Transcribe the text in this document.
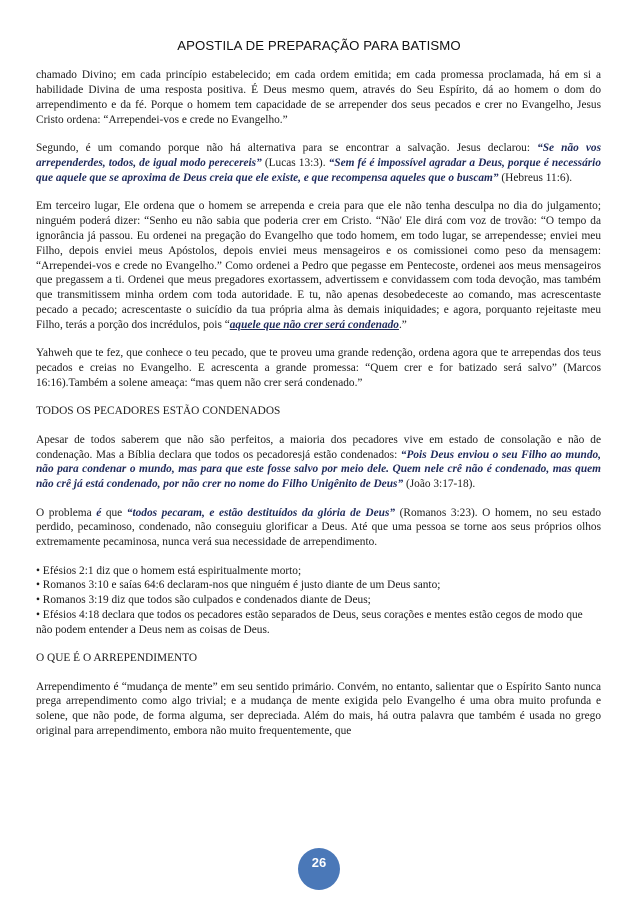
APOSTILA DE PREPARAÇÃO PARA BATISMO

chamado Divino; em cada princípio estabelecido; em cada ordem emitida; em cada promessa proclamada, há em si a habilidade Divina de uma resposta positiva. É Deus mesmo quem, através do Seu Espírito, dá ao homem o dom do arrependimento e da fé. Porque o homem tem capacidade de se arrepender dos seus pecados e crer no Evangelho, Jesus Cristo ordena: “Arrependei-vos e crede no Evangelho.”

Segundo, é um comando porque não há alternativa para se encontrar a salvação. Jesus declarou: “Se não vos arrependerdes, todos, de igual modo perecereis” (Lucas 13:3). “Sem fé é impossível agradar a Deus, porque é necessário que aquele que se aproxima de Deus creia que ele existe, e que recompensa aqueles que o buscam” (Hebreus 11:6).

Em terceiro lugar, Ele ordena que o homem se arrependa e creia para que ele não tenha desculpa no dia do julgamento; ninguém poderá dizer: “Senho eu não sabia que poderia crer em Cristo. “Não' Ele dirá com voz de trovão: “O tempo da ignorância já passou. Eu ordenei na pregação do Evangelho que todo homem, em todo lugar, se arrependesse; enviei meu Filho, depois enviei meus Apóstolos, depois enviei meus mensageiros e os comissionei como peso da mensagem: “Arrependei-vos e crede no Evangelho.” Como ordenei a Pedro que pegasse em Pentecoste, ordenei aos meus mensageiros que pregassem a ti. Ordenei que meus pregadores exortassem, advertissem e convidassem com toda devoção, mas também que transmitissem minha ordem com toda autoridade. E tu, não apenas desobedeceste ao comando, mas acrescentaste pecado a pecado; acrescentaste o suicídio da tua própria alma às demais iniquidades; e agora, porquanto rejeitaste meu Filho, terás a porção dos incrédulos, pois “aquele que não crer será condenado.”

Yahweh que te fez, que conhece o teu pecado, que te proveu uma grande redenção, ordena agora que te arrependas dos teus pecados e creias no Evangelho. E acrescenta a grande promessa: “Quem crer e for batizado será salvo” (Marcos 16:16).Também a solene ameaça: “mas quem não crer será condenado.”

TODOS OS PECADORES ESTÃO CONDENADOS

Apesar de todos saberem que não são perfeitos, a maioria dos pecadores vive em estado de consolação e não de condenação. Mas a Bíblia declara que todos os pecadoresjá estão condenados: “Pois Deus enviou o seu Filho ao mundo, não para condenar o mundo, mas para que este fosse salvo por meio dele. Quem nele crê não é condenado, mas quem não crê já está condenado, por não crer no nome do Filho Unigênito de Deus” (João 3:17-18).

O problema é que “todos pecaram, e estão destituídos da glória de Deus” (Romanos 3:23). O homem, no seu estado perdido, pecaminoso, condenado, não conseguiu glorificar a Deus. Até que uma pessoa se torne aos seus próprios olhos extremamente pecaminosa, nunca verá sua necessidade de arrependimento.

• Efésios 2:1 diz que o homem está espiritualmente morto;

• Romanos 3:10 e saías 64:6 declaram-nos que ninguém é justo diante de um Deus santo;

• Romanos 3:19 diz que todos são culpados e condenados diante de Deus;

• Efésios 4:18 declara que todos os pecadores estão separados de Deus, seus corações e mentes estão cegos de modo que não podem entender a Deus nem as coisas de Deus.

O QUE É O ARREPENDIMENTO

Arrependimento é “mudança de mente” em seu sentido primário. Convém, no entanto, salientar que o Espírito Santo nunca prega arrependimento como algo trivial; e a mudança de mente exigida pelo Evangelho é uma obra muito profunda e solene, que não pode, de forma alguma, ser depreciada. Além do mais, há outra palavra que também é usada no grego original para arrependimento, embora não muito frequentemente, que

26
